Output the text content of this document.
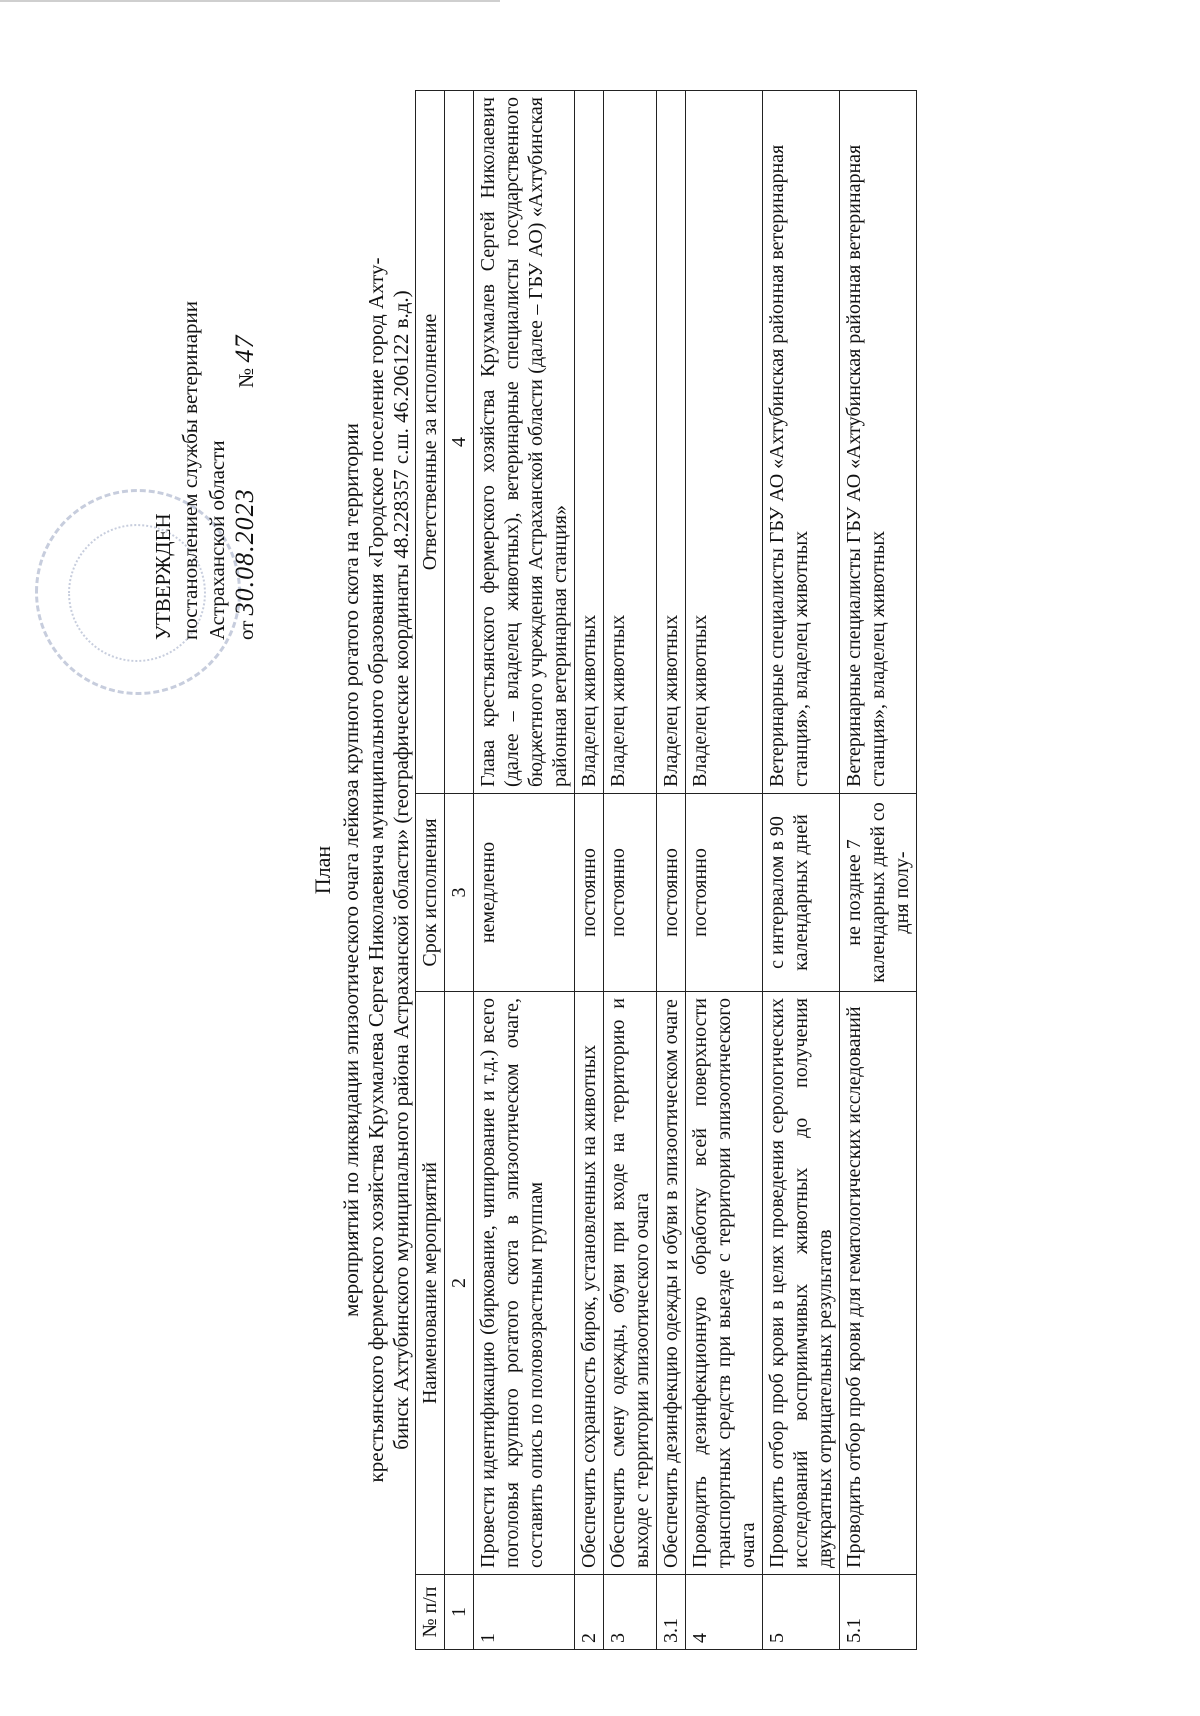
УТВЕРЖДЕН постановлением службы ветеринарии Астраханской области от 30.08.2023  № 47
План мероприятий по ликвидации эпизоотического очага лейкоза крупного рогатого скота на территории крестьянского фермерского хозяйства Крухмалева Сергея Николаевича муниципального образования «Городское поселение город Ахту- бинск Ахтубинского муниципального района Астраханской области» (географические координаты 48.228357 с.ш. 46.206122 в.д.)
№ п/п	Наименование мероприятий	Срок исполнения	Ответственные за исполнение
1	2	3	4
1	Провести идентификацию (биркование, чипирование и т.д.) всего поголовья крупного рогатого скота в эпизоотическом очаге, составить опись по половозрастным группам	немедленно	Глава крестьянского фермерского хозяйства Крухмалев Сергей Николаевич (далее – владелец животных), ветеринарные специалисты государственного бюджетного учреждения Астраханской области (далее – ГБУ АО) «Ахтубинская районная ветеринарная станция»
2	Обеспечить сохранность бирок, установленных на животных	постоянно	Владелец животных
3	Обеспечить смену одежды, обуви при входе на территорию и выходе с территории эпизоотического очага	постоянно	Владелец животных
3.1	Обеспечить дезинфекцию одежды и обуви в эпизоотическом очаге	постоянно	Владелец животных
4	Проводить дезинфекционную обработку всей поверхности транспортных средств при выезде с территории эпизоотического очага	постоянно	Владелец животных
5	Проводить отбор проб крови в целях проведения серологических исследований восприимчивых животных до получения двукратных отрицательных результатов	с интервалом в 90 календарных дней	Ветеринарные специалисты ГБУ АО «Ахтубинская районная ветеринарная станция», владелец животных
5.1	Проводить отбор проб крови для гематологических исследований	не позднее 7 календарных дней со дня полу-	Ветеринарные специалисты ГБУ АО «Ахтубинская районная ветеринарная станция», владелец животных
